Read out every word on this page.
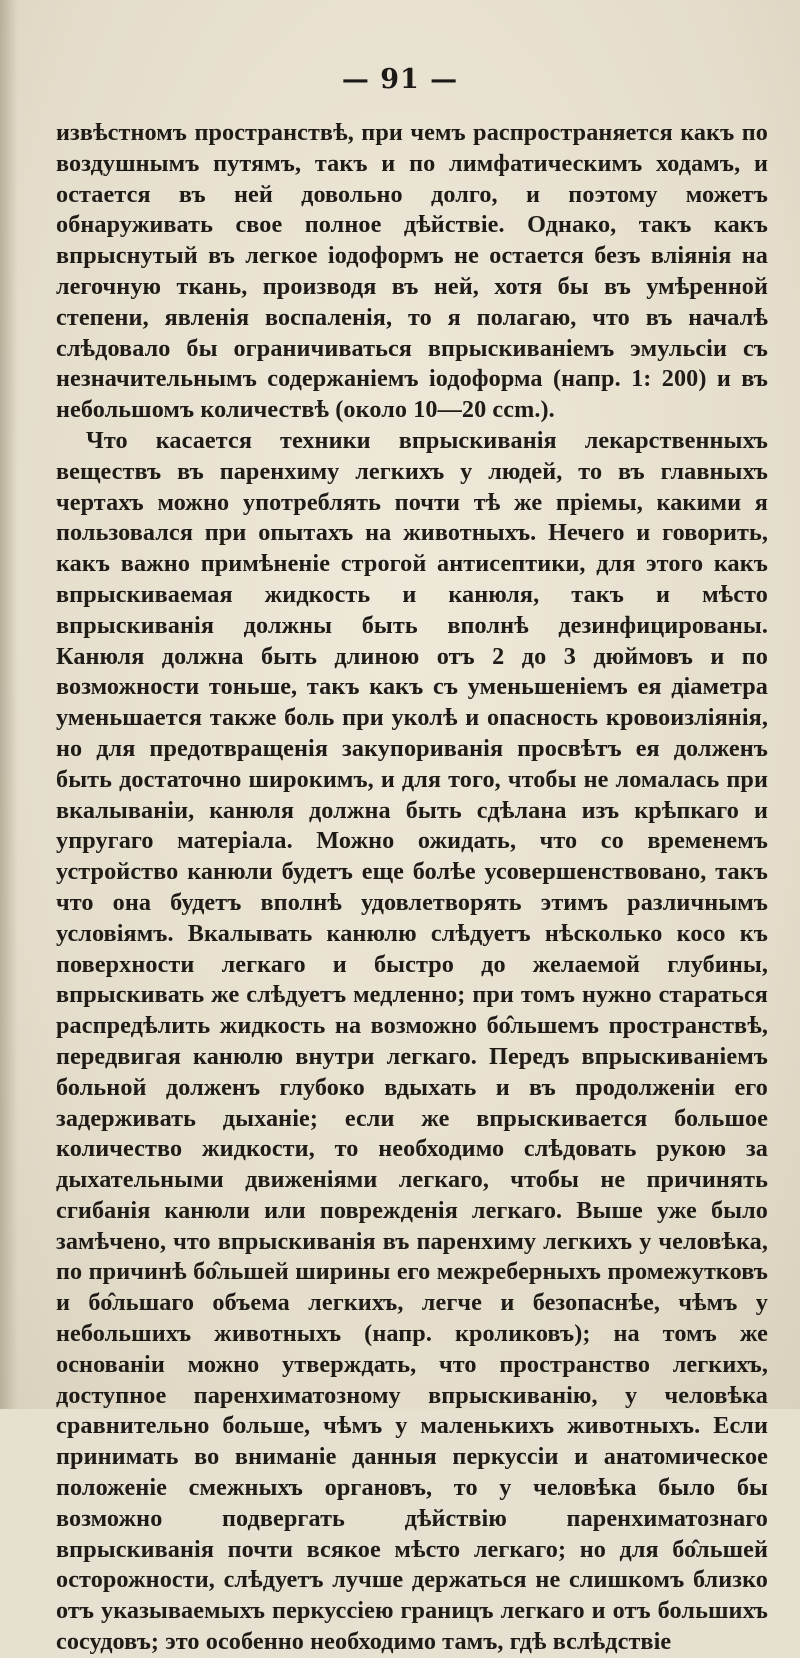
— 91 —

извѣстномъ пространствѣ, при чемъ распространяется какъ по воздушнымъ путямъ, такъ и по лимфатическимъ ходамъ, и остается въ ней довольно долго, и поэтому можетъ обнаруживать свое полное дѣйствіе. Однако, такъ какъ впрыснутый въ легкое іодоформъ не остается безъ вліянія на легочную ткань, производя въ ней, хотя бы въ умѣренной степени, явленія воспаленія, то я полагаю, что въ началѣ слѣдовало бы ограничиваться впрыскиваніемъ эмульсіи съ незначительнымъ содержаніемъ іодоформа (напр. 1: 200) и въ небольшомъ количествѣ (около 10—20 ccm.).

Что касается техники впрыскиванія лекарственныхъ веществъ въ паренхиму легкихъ у людей, то въ главныхъ чертахъ можно употреблять почти тѣ же пріемы, какими я пользовался при опытахъ на животныхъ. Нечего и говорить, какъ важно примѣненіе строгой антисептики, для этого какъ впрыскиваемая жидкость и канюля, такъ и мѣсто впрыскиванія должны быть вполнѣ дезинфицированы. Канюля должна быть длиною отъ 2 до 3 дюймовъ и по возможности тоньше, такъ какъ съ уменьшеніемъ ея діаметра уменьшается также боль при уколѣ и опасность кровоизліянія, но для предотвращенія закупориванія просвѣтъ ея долженъ быть достаточно широкимъ, и для того, чтобы не ломалась при вкалываніи, канюля должна быть сдѣлана изъ крѣпкаго и упругаго матеріала. Можно ожидать, что со временемъ устройство канюли будетъ еще болѣе усовершенствовано, такъ что она будетъ вполнѣ удовлетворять этимъ различнымъ условіямъ. Вкалывать канюлю слѣдуетъ нѣсколько косо къ поверхности легкаго и быстро до желаемой глубины, впрыскивать же слѣдуетъ медленно; при томъ нужно стараться распредѣлить жидкость на возможно бо̂льшемъ пространствѣ, передвигая канюлю внутри легкаго. Передъ впрыскиваніемъ больной долженъ глубоко вдыхать и въ продолженіи его задерживать дыханіе; если же впрыскивается большое количество жидкости, то необходимо слѣдовать рукою за дыхательными движеніями легкаго, чтобы не причинять сгибанія канюли или поврежденія легкаго. Выше уже было замѣчено, что впрыскиванія въ паренхиму легкихъ у человѣка, по причинѣ бо̂льшей ширины его межреберныхъ промежутковъ и бо̂льшаго объема легкихъ, легче и безопаснѣе, чѣмъ у небольшихъ животныхъ (напр. кроликовъ); на томъ же основаніи можно утверждать, что пространство легкихъ, доступное паренхиматозному впрыскиванію, у человѣка сравнительно больше, чѣмъ у маленькихъ животныхъ. Если принимать во вниманіе данныя перкуссіи и анатомическое положеніе смежныхъ органовъ, то у человѣка было бы возможно подвергать дѣйствію паренхиматознаго впрыскиванія почти всякое мѣсто легкаго; но для бо̂льшей осторожности, слѣдуетъ лучше держаться не слишкомъ близко отъ указываемыхъ перкуссіею границъ легкаго и отъ большихъ сосудовъ; это особенно необходимо тамъ, гдѣ вслѣдствіе
